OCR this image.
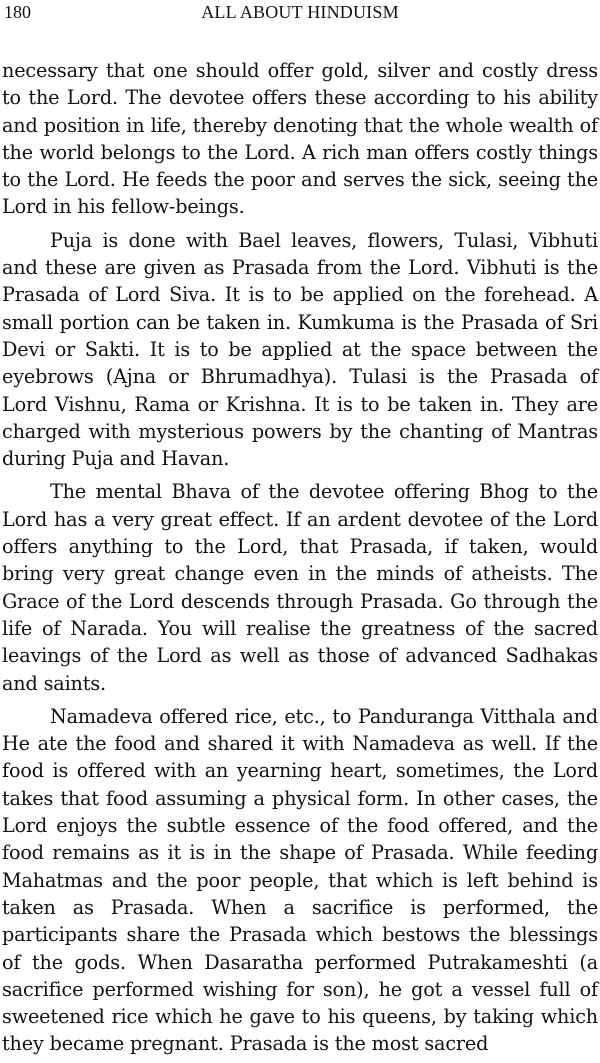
180	ALL ABOUT HINDUISM

necessary that one should offer gold, silver and costly dress to the Lord. The devotee offers these according to his ability and position in life, thereby denoting that the whole wealth of the world belongs to the Lord. A rich man offers costly things to the Lord. He feeds the poor and serves the sick, seeing the Lord in his fellow-beings.

Puja is done with Bael leaves, flowers, Tulasi, Vibhuti and these are given as Prasada from the Lord. Vibhuti is the Prasada of Lord Siva. It is to be applied on the forehead. A small portion can be taken in. Kumkuma is the Prasada of Sri Devi or Sakti. It is to be applied at the space between the eyebrows (Ajna or Bhrumadhya). Tulasi is the Prasada of Lord Vishnu, Rama or Krishna. It is to be taken in. They are charged with mysterious powers by the chanting of Mantras during Puja and Havan.

The mental Bhava of the devotee offering Bhog to the Lord has a very great effect. If an ardent devotee of the Lord offers anything to the Lord, that Prasada, if taken, would bring very great change even in the minds of atheists. The Grace of the Lord descends through Prasada. Go through the life of Narada. You will realise the greatness of the sacred leavings of the Lord as well as those of advanced Sadhakas and saints.

Namadeva offered rice, etc., to Panduranga Vitthala and He ate the food and shared it with Namadeva as well. If the food is offered with an yearning heart, sometimes, the Lord takes that food assuming a physical form. In other cases, the Lord enjoys the subtle essence of the food offered, and the food remains as it is in the shape of Prasada. While feeding Mahatmas and the poor people, that which is left behind is taken as Prasada. When a sacrifice is performed, the participants share the Prasada which bestows the blessings of the gods. When Dasaratha performed Putrakameshti (a sacrifice performed wishing for son), he got a vessel full of sweetened rice which he gave to his queens, by taking which they became pregnant. Prasada is the most sacred
